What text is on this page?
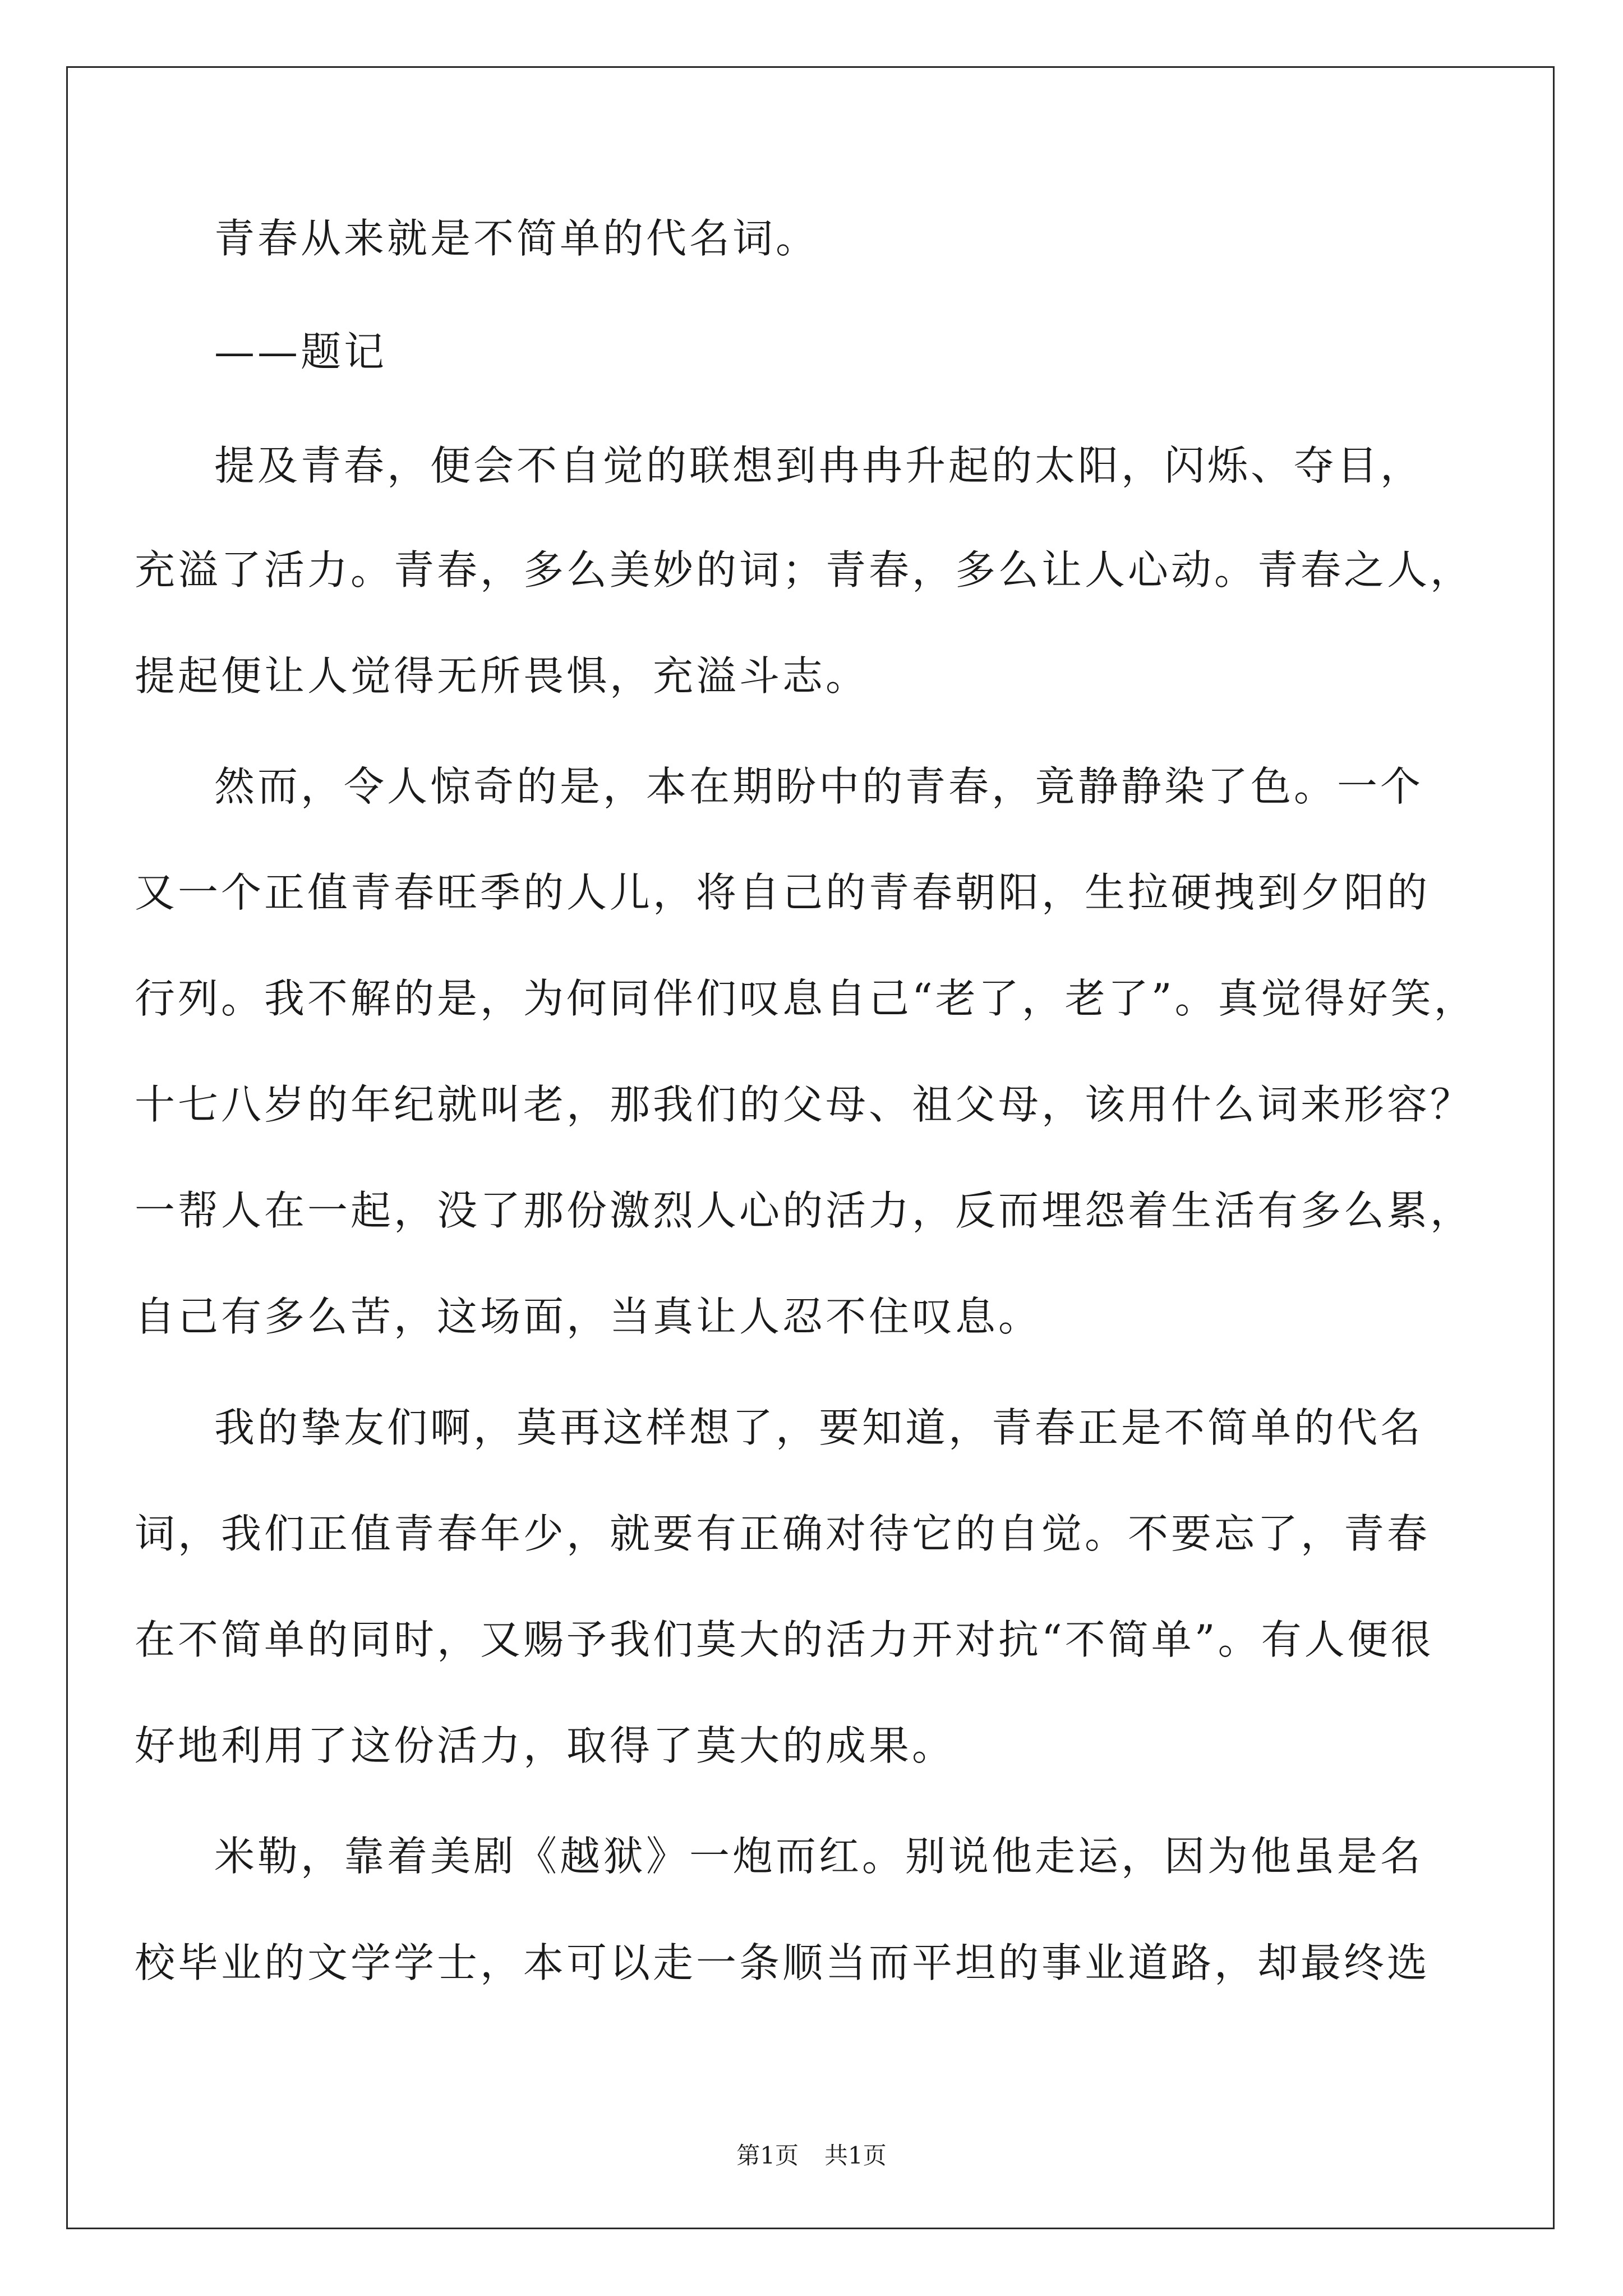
青春从来就是不简单的代名词。
——题记
提及青春，便会不自觉的联想到冉冉升起的太阳，闪烁、夺目，
充溢了活力。青春，多么美妙的词；青春，多么让人心动。青春之人，
提起便让人觉得无所畏惧，充溢斗志。
然而，令人惊奇的是，本在期盼中的青春，竟静静染了色。一个
又一个正值青春旺季的人儿，将自己的青春朝阳，生拉硬拽到夕阳的
行列。我不解的是，为何同伴们叹息自己“老了，老了”。真觉得好笑，
十七八岁的年纪就叫老，那我们的父母、祖父母，该用什么词来形容？
一帮人在一起，没了那份激烈人心的活力，反而埋怨着生活有多么累，
自己有多么苦，这场面，当真让人忍不住叹息。
我的挚友们啊，莫再这样想了，要知道，青春正是不简单的代名
词，我们正值青春年少，就要有正确对待它的自觉。不要忘了，青春
在不简单的同时，又赐予我们莫大的活力开对抗“不简单”。有人便很
好地利用了这份活力，取得了莫大的成果。
米勒，靠着美剧《越狱》一炮而红。别说他走运，因为他虽是名
校毕业的文学学士，本可以走一条顺当而平坦的事业道路，却最终选
第1页 共1页
